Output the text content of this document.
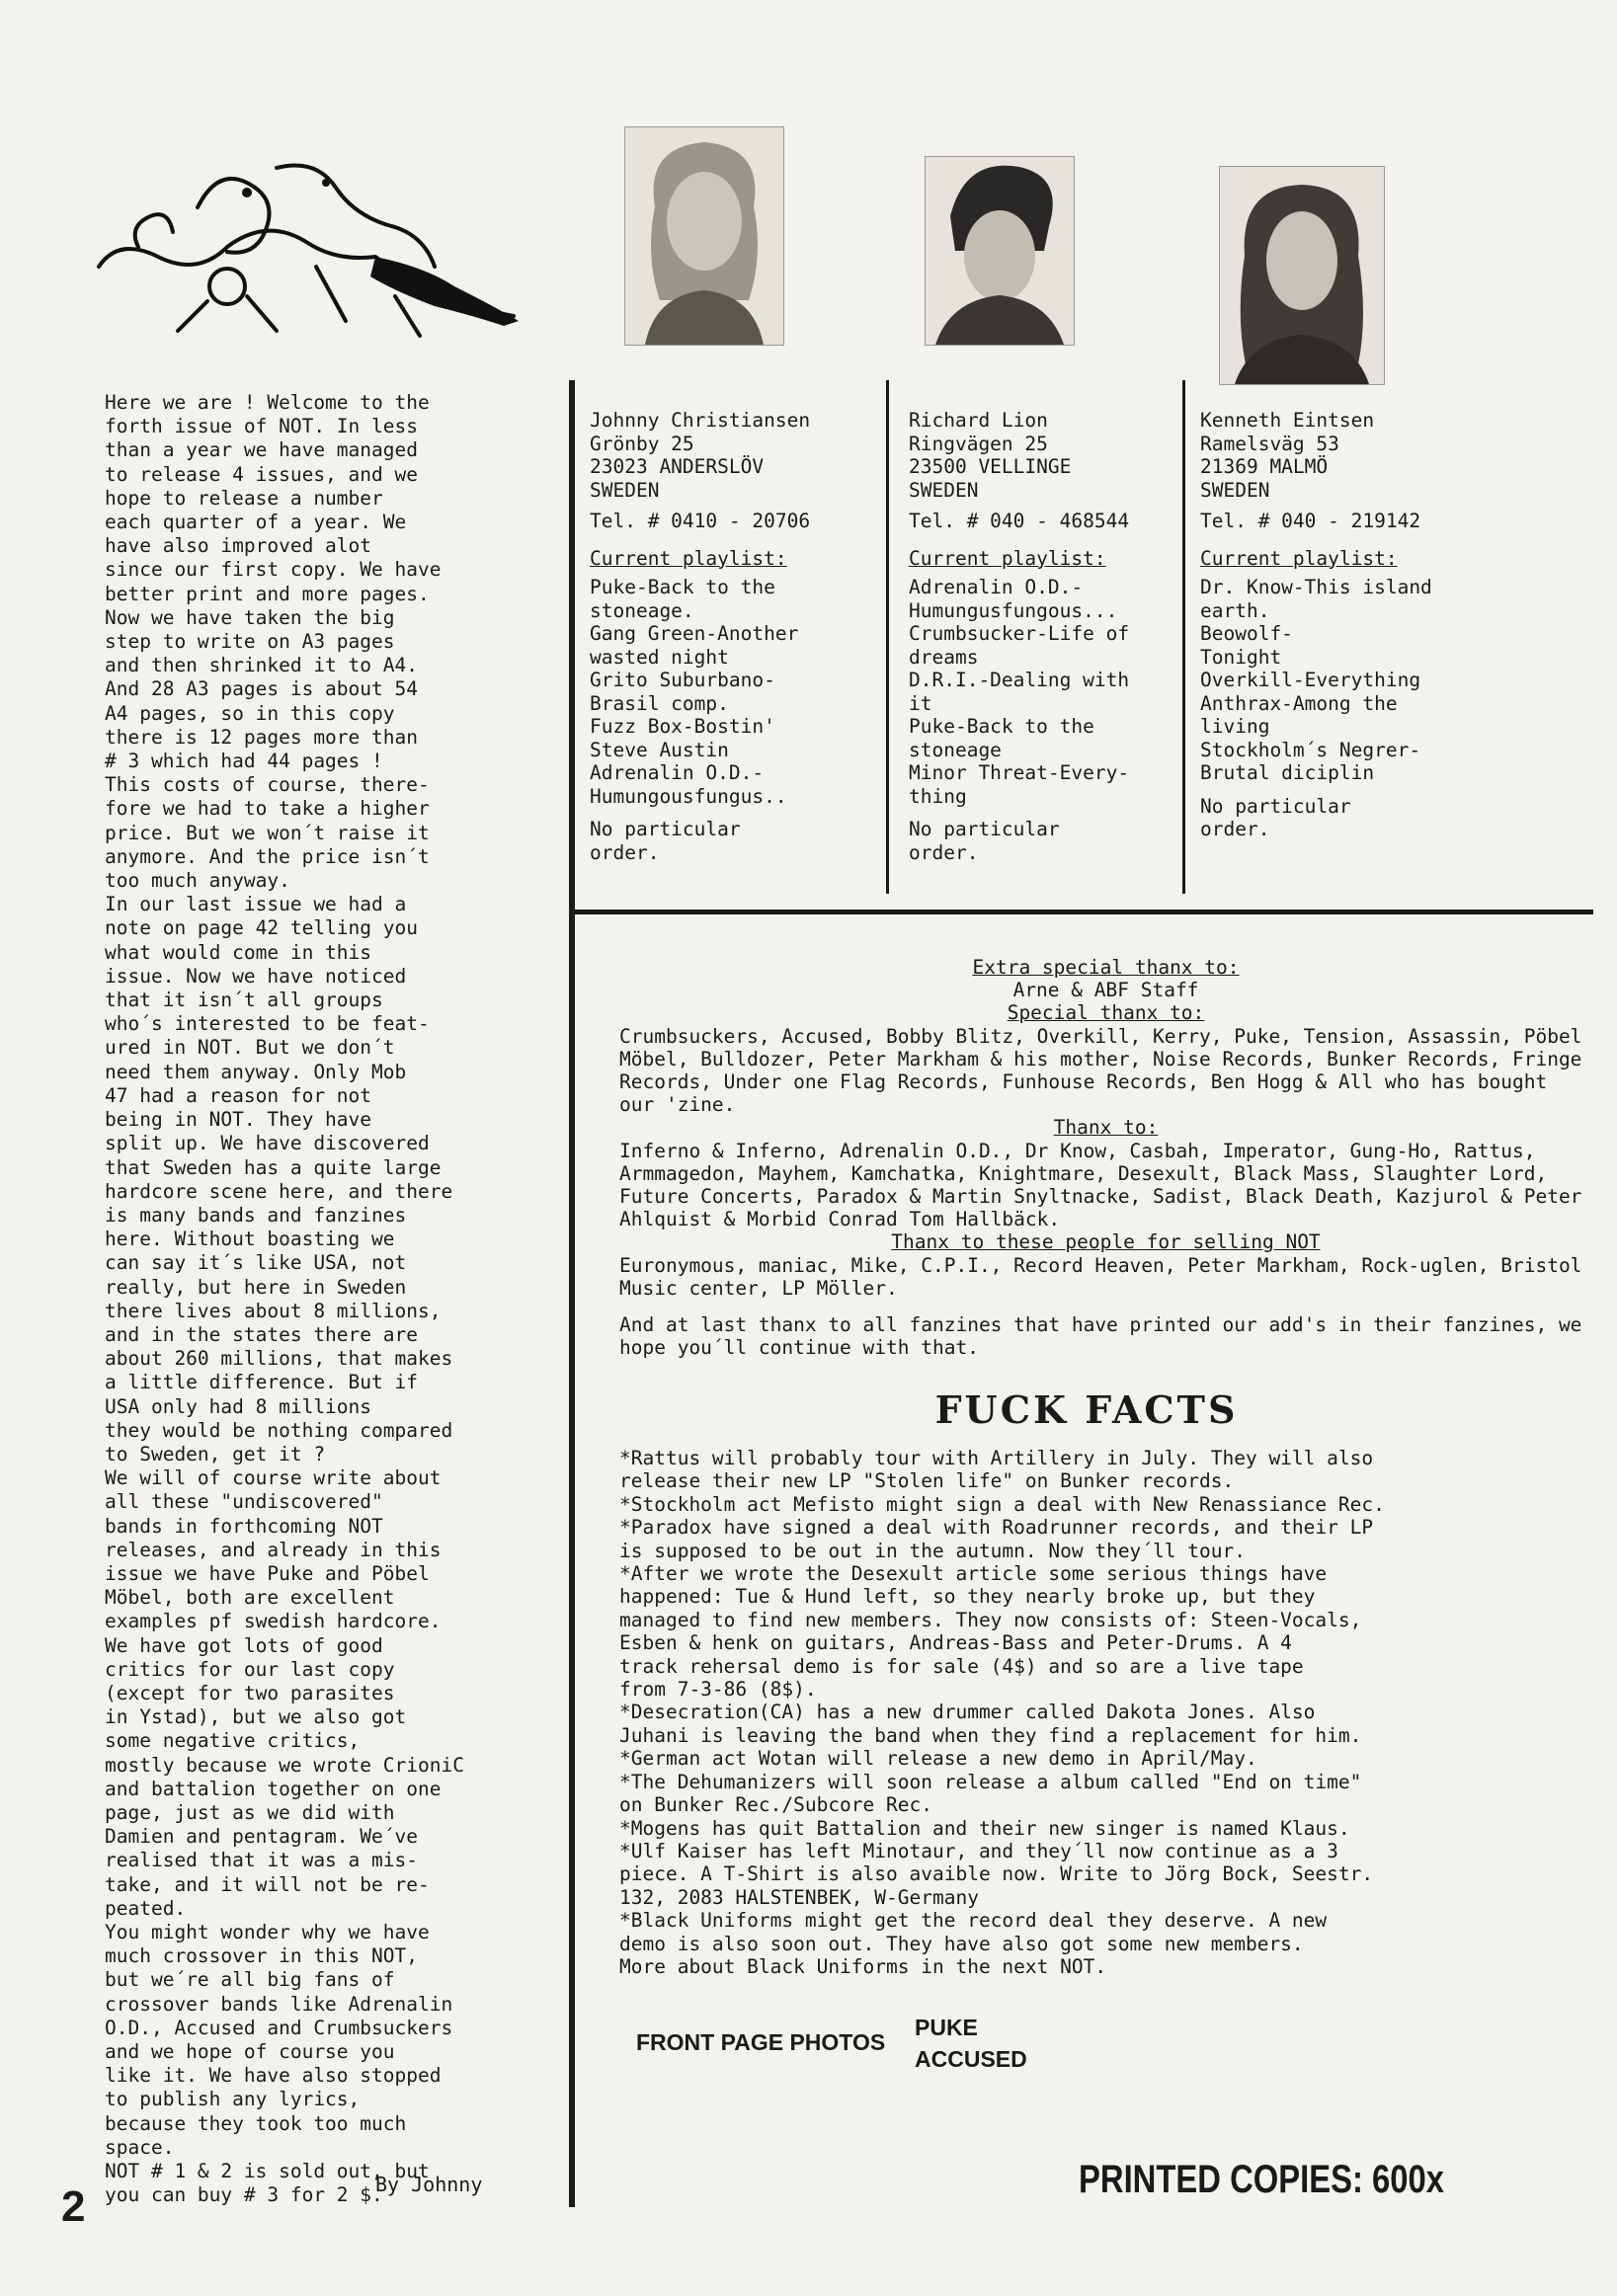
Here we are ! Welcome to the
forth issue of NOT. In less
than a year we have managed
to release 4 issues, and we
hope to release a number
each quarter of a year. We
have also improved alot
since our first copy. We have
better print and more pages.
Now we have taken the big
step to write on A3 pages
and then shrinked it to A4.
And 28 A3 pages is about 54
A4 pages, so in this copy
there is 12 pages more than
# 3 which had 44 pages !
This costs of course, there-
fore we had to take a higher
price. But we won´t raise it
anymore. And the price isn´t
too much anyway.
In our last issue we had a
note on page 42 telling you
what would come in this
issue. Now we have noticed
that it isn´t all groups
who´s interested to be feat-
ured in NOT. But we don´t
need them anyway. Only Mob
47 had a reason for not
being in NOT. They have
split up. We have discovered
that Sweden has a quite large
hardcore scene here, and there
is many bands and fanzines
here. Without boasting we
can say it´s like USA, not
really, but here in Sweden
there lives about 8 millions,
and in the states there are
about 260 millions, that makes
a little difference. But if
USA only had 8 millions
they would be nothing compared
to Sweden, get it ?
We will of course write about
all these "undiscovered"
bands in forthcoming NOT
releases, and already in this
issue we have Puke and Pöbel
Möbel, both are excellent
examples pf swedish hardcore.
We have got lots of good
critics for our last copy
(except for two parasites
in Ystad), but we also got
some negative critics,
mostly because we wrote CrioniC
and battalion together on one
page, just as we did with
Damien and pentagram. We´ve
realised that it was a mis-
take, and it will not be re-
peated.
You might wonder why we have
much crossover in this NOT,
but we´re all big fans of
crossover bands like Adrenalin
O.D., Accused and Crumbsuckers
and we hope of course you
like it. We have also stopped
to publish any lyrics,
because they took too much
space.
NOT # 1 & 2 is sold out, but
you can buy # 3 for 2 $.
By Johnny
2
Johnny Christiansen
Grönby 25
23023 ANDERSLÖV
SWEDEN
Tel. # 0410 - 20706
Current playlist:
Puke-Back to the
stoneage.
Gang Green-Another
wasted night
Grito Suburbano-
Brasil comp.
Fuzz Box-Bostin'
Steve Austin
Adrenalin O.D.-
Humungousfungus..
No particular
order.
Richard Lion
Ringvägen 25
23500 VELLINGE
SWEDEN
Tel. # 040 - 468544
Current playlist:
Adrenalin O.D.-
Humungusfungous...
Crumbsucker-Life of
dreams
D.R.I.-Dealing with
it
Puke-Back to the
stoneage
Minor Threat-Every-
thing
No particular
order.
Kenneth Eintsen
Ramelsväg 53
21369 MALMÖ
SWEDEN
Tel. # 040 - 219142
Current playlist:
Dr. Know-This island
earth.
Beowolf-
Tonight
Overkill-Everything
Anthrax-Among the
living
Stockholm´s Negrer-
Brutal diciplin
No particular
order.
Extra special thanx to:
Arne & ABF Staff
Special thanx to:
Crumbsuckers, Accused, Bobby Blitz, Overkill, Kerry, Puke, Tension, Assassin, Pöbel Möbel, Bulldozer, Peter Markham & his mother, Noise Records, Bunker Records, Fringe Records, Under one Flag Records, Funhouse Records, Ben Hogg & All who has bought our 'zine.
Thanx to:
Inferno & Inferno, Adrenalin O.D., Dr Know, Casbah, Imperator, Gung-Ho, Rattus, Armmagedon, Mayhem, Kamchatka, Knightmare, Desexult, Black Mass, Slaughter Lord, Future Concerts, Paradox & Martin Snyltnacke, Sadist, Black Death, Kazjurol & Peter Ahlquist & Morbid Conrad Tom Hallbäck.
Thanx to these people for selling NOT
Euronymous, maniac, Mike, C.P.I., Record Heaven, Peter Markham, Rock-uglen, Bristol Music center, LP Möller.
And at last thanx to all fanzines that have printed our add's in their fanzines, we hope you´ll continue with that.
FUCK FACTS
*Rattus will probably tour with Artillery in July. They will also
release their new LP "Stolen life" on Bunker records.
*Stockholm act Mefisto might sign a deal with New Renassiance Rec.
*Paradox have signed a deal with Roadrunner records, and their LP
is supposed to be out in the autumn. Now they´ll tour.
*After we wrote the Desexult article some serious things have
happened: Tue & Hund left, so they nearly broke up, but they
managed to find new members. They now consists of: Steen-Vocals,
Esben & henk on guitars, Andreas-Bass and Peter-Drums. A 4
track rehersal demo is for sale (4$) and so are a live tape
from 7-3-86 (8$).
*Desecration(CA) has a new drummer called Dakota Jones. Also
Juhani is leaving the band when they find a replacement for him.
*German act Wotan will release a new demo in April/May.
*The Dehumanizers will soon release a album called "End on time"
on Bunker Rec./Subcore Rec.
*Mogens has quit Battalion and their new singer is named Klaus.
*Ulf Kaiser has left Minotaur, and they´ll now continue as a 3
piece. A T-Shirt is also avaible now. Write to Jörg Bock, Seestr.
132, 2083 HALSTENBEK, W-Germany
*Black Uniforms might get the record deal they deserve. A new
demo is also soon out. They have also got some new members.
More about Black Uniforms in the next NOT.
FRONT PAGE PHOTOS
PUKE
ACCUSED
PRINTED COPIES: 600x
